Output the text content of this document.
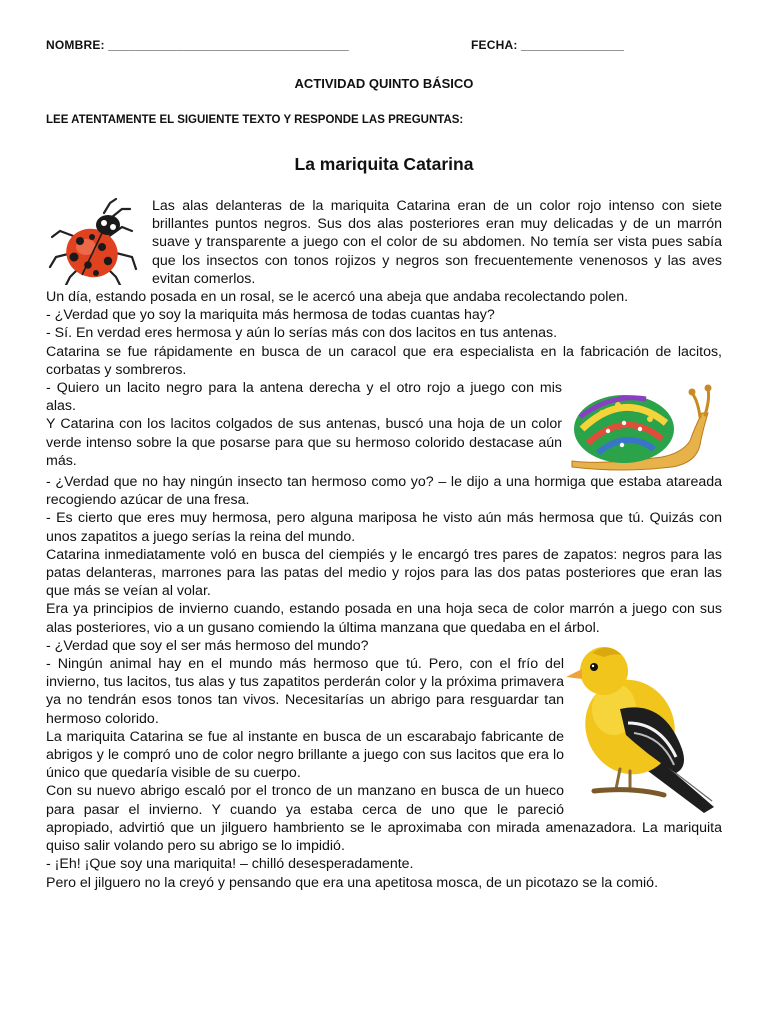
NOMBRE: ___________________________________	FECHA: _______________
ACTIVIDAD QUINTO BÁSICO
LEE ATENTAMENTE EL SIGUIENTE TEXTO Y RESPONDE LAS PREGUNTAS:
La mariquita Catarina

Las alas delanteras de la mariquita Catarina eran de un color rojo intenso con siete brillantes puntos negros. Sus dos alas posteriores eran muy delicadas y de un marrón suave y transparente a juego con el color de su abdomen. No temía ser vista pues sabía que los insectos con tonos rojizos y negros son frecuentemente venenosos y las aves evitan comerlos.

Un día, estando posada en un rosal, se le acercó una abeja que andaba recolectando polen.

- ¿Verdad que yo soy la mariquita más hermosa de todas cuantas hay?

- Sí. En verdad eres hermosa y aún lo serías más con dos lacitos en tus antenas.

Catarina se fue rápidamente en busca de un caracol que era especialista en la fabricación de lacitos, corbatas y sombreros.

- Quiero un lacito negro para la antena derecha y el otro rojo a juego con mis alas.

Y Catarina con los lacitos colgados de sus antenas, buscó una hoja de un color verde intenso sobre la que posarse para que su hermoso colorido destacase aún más.

- ¿Verdad que no hay ningún insecto tan hermoso como yo? – le dijo a una hormiga que estaba atareada recogiendo azúcar de una fresa.

- Es cierto que eres muy hermosa, pero alguna mariposa he visto aún más hermosa que tú. Quizás con unos zapatitos a juego serías la reina del mundo.

Catarina inmediatamente voló en busca del ciempiés y le encargó tres pares de zapatos: negros para las patas delanteras, marrones para las patas del medio y rojos para las dos patas posteriores que eran las que más se veían al volar.

Era ya principios de invierno cuando, estando posada en una hoja seca de color marrón a juego con sus alas posteriores, vio a un gusano comiendo la última manzana que quedaba en el árbol.

- ¿Verdad que soy el ser más hermoso del mundo?

- Ningún animal hay en el mundo más hermoso que tú. Pero, con el frío del invierno, tus lacitos, tus alas y tus zapatitos perderán color y la próxima primavera ya no tendrán esos tonos tan vivos. Necesitarías un abrigo para resguardar tan hermoso colorido.

La mariquita Catarina se fue al instante en busca de un escarabajo fabricante de abrigos y le compró uno de color negro brillante a juego con sus lacitos que era lo único que quedaría visible de su cuerpo.

Con su nuevo abrigo escaló por el tronco de un manzano en busca de un hueco para pasar el invierno. Y cuando ya estaba cerca de uno que le pareció apropiado, advirtió que un jilguero hambriento se le aproximaba con mirada amenazadora. La mariquita quiso salir volando pero su abrigo se lo impidió.

- ¡Eh! ¡Que soy una mariquita! – chilló desesperadamente.

Pero el jilguero no la creyó y pensando que era una apetitosa mosca, de un picotazo se la comió.
